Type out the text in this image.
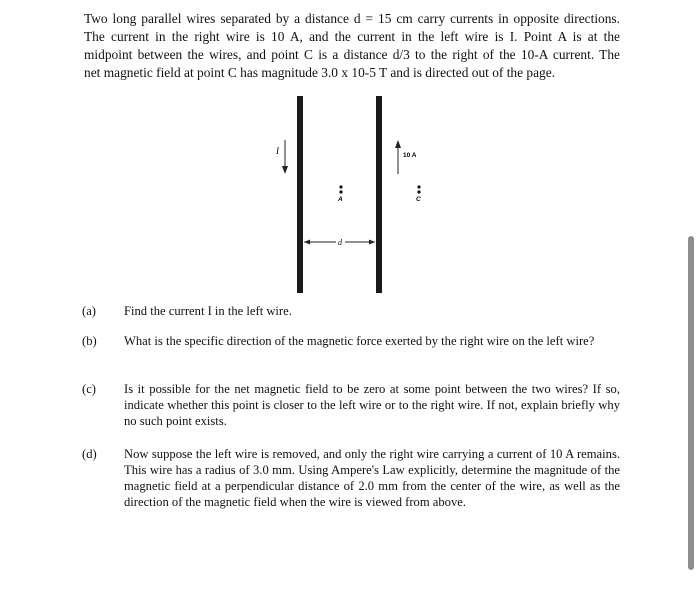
Two long parallel wires separated by a distance d = 15 cm carry currents in opposite directions.
The current in the right wire is 10 A, and the current in the left wire is I. Point A is at the
midpoint between the wires, and point C is a distance d/3 to the right of the 10-A current. The
net magnetic field at point C has magnitude 3.0 x 10-5 T and is directed out of the page.
I	10 A
A	C
d
(a)	Find the current I in the left wire.
(b)	What is the specific direction of the magnetic force exerted by the right wire on the left wire?
(c)	Is it possible for the net magnetic field to be zero at some point between the two wires? If so, indicate whether this point is closer to the left wire or to the right wire. If not, explain briefly why no such point exists.
(d)	Now suppose the left wire is removed, and only the right wire carrying a current of 10 A remains. This wire has a radius of 3.0 mm. Using Ampere's Law explicitly, determine the magnitude of the magnetic field at a perpendicular distance of 2.0 mm from the center of the wire, as well as the direction of the magnetic field when the wire is viewed from above.
